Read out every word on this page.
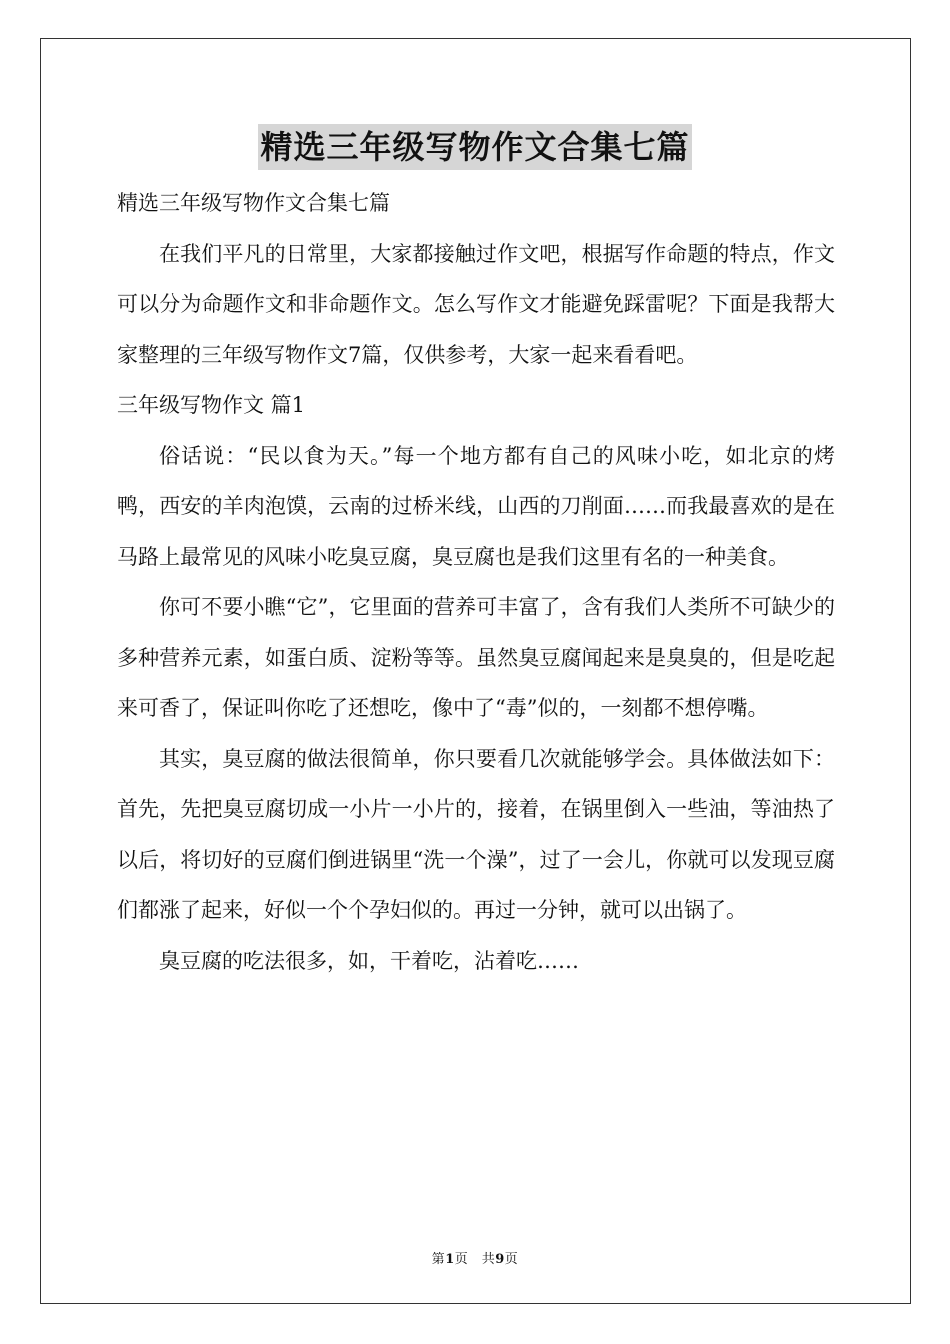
精选三年级写物作文合集七篇

精选三年级写物作文合集七篇

在我们平凡的日常里，大家都接触过作文吧，根据写作命题的特点，作文可以分为命题作文和非命题作文。怎么写作文才能避免踩雷呢？下面是我帮大家整理的三年级写物作文7篇，仅供参考，大家一起来看看吧。

三年级写物作文 篇1

俗话说：“民以食为天。”每一个地方都有自己的风味小吃，如北京的烤鸭，西安的羊肉泡馍，云南的过桥米线，山西的刀削面……而我最喜欢的是在马路上最常见的风味小吃臭豆腐，臭豆腐也是我们这里有名的一种美食。

你可不要小瞧“它”，它里面的营养可丰富了，含有我们人类所不可缺少的多种营养元素，如蛋白质、淀粉等等。虽然臭豆腐闻起来是臭臭的，但是吃起来可香了，保证叫你吃了还想吃，像中了“毒”似的，一刻都不想停嘴。

其实，臭豆腐的做法很简单，你只要看几次就能够学会。具体做法如下：首先，先把臭豆腐切成一小片一小片的，接着，在锅里倒入一些油，等油热了以后，将切好的豆腐们倒进锅里“洗一个澡”，过了一会儿，你就可以发现豆腐们都涨了起来，好似一个个孕妇似的。再过一分钟，就可以出锅了。

臭豆腐的吃法很多，如，干着吃，沾着吃……

第1页　共9页
